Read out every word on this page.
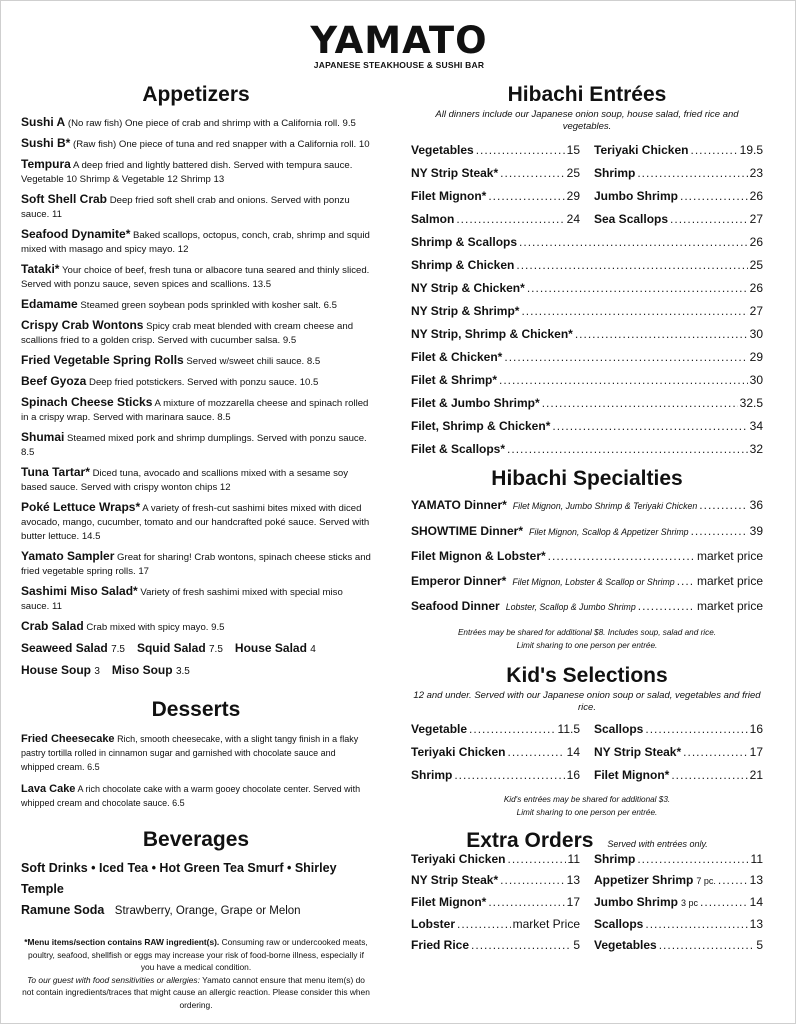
YAMATO
JAPANESE STEAKHOUSE & SUSHI BAR
Appetizers
Sushi A (No raw fish) One piece of crab and shrimp with a California roll. 9.5
Sushi B* (Raw fish) One piece of tuna and red snapper with a California roll. 10
Tempura A deep fried and lightly battered dish. Served with tempura sauce. Vegetable 10 Shrimp & Vegetable 12 Shrimp 13
Soft Shell Crab Deep fried soft shell crab and onions. Served with ponzu sauce. 11
Seafood Dynamite* Baked scallops, octopus, conch, crab, shrimp and squid mixed with masago and spicy mayo. 12
Tataki* Your choice of beef, fresh tuna or albacore tuna seared and thinly sliced. Served with ponzu sauce, seven spices and scallions. 13.5
Edamame Steamed green soybean pods sprinkled with kosher salt. 6.5
Crispy Crab Wontons Spicy crab meat blended with cream cheese and scallions fried to a golden crisp. Served with cucumber salsa. 9.5
Fried Vegetable Spring Rolls Served w/sweet chili sauce. 8.5
Beef Gyoza Deep fried potstickers. Served with ponzu sauce. 10.5
Spinach Cheese Sticks A mixture of mozzarella cheese and spinach rolled in a crispy wrap. Served with marinara sauce. 8.5
Shumai Steamed mixed pork and shrimp dumplings. Served with ponzu sauce. 8.5
Tuna Tartar* Diced tuna, avocado and scallions mixed with a sesame soy based sauce. Served with crispy wonton chips 12
Poké Lettuce Wraps* A variety of fresh-cut sashimi bites mixed with diced avocado, mango, cucumber, tomato and our handcrafted poké sauce. Served with butter lettuce. 14.5
Yamato Sampler Great for sharing! Crab wontons, spinach cheese sticks and fried vegetable spring rolls. 17
Sashimi Miso Salad* Variety of fresh sashimi mixed with special miso sauce. 11
Crab Salad Crab mixed with spicy mayo. 9.5
Seaweed Salad 7.5 Squid Salad 7.5 House Salad 4
House Soup 3 Miso Soup 3.5
Desserts
Fried Cheesecake Rich, smooth cheesecake, with a slight tangy finish in a flaky pastry tortilla rolled in cinnamon sugar and garnished with chocolate sauce and whipped cream. 6.5
Lava Cake A rich chocolate cake with a warm gooey chocolate center. Served with whipped cream and chocolate sauce. 6.5
Beverages
Soft Drinks • Iced Tea • Hot Green Tea Smurf • Shirley Temple
Ramune Soda Strawberry, Orange, Grape or Melon
*Menu items/section contains RAW ingredient(s). Consuming raw or undercooked meats, poultry, seafood, shellfish or eggs may increase your risk of food-borne illness, especially if you have a medical condition.
To our guest with food sensitivities or allergies: Yamato cannot ensure that menu item(s) do not contain ingredients/traces that might cause an allergic reaction. Please consider this when ordering.
Hibachi Entrées
All dinners include our Japanese onion soup, house salad, fried rice and vegetables.
Vegetables .....	15 Teriyaki Chicken .....	19.5
NY Strip Steak* .....	25 Shrimp .....	23
Filet Mignon* .....	29 Jumbo Shrimp .....	26
Salmon .....	24 Sea Scallops .....	27
Shrimp & Scallops .....	26
Shrimp & Chicken .....	25
NY Strip & Chicken* .....	26
NY Strip & Shrimp* .....	27
NY Strip, Shrimp & Chicken* .....	30
Filet & Chicken* .....	29
Filet & Shrimp* .....	30
Filet & Jumbo Shrimp* .....	32.5
Filet, Shrimp & Chicken* .....	34
Filet & Scallops* .....	32
Hibachi Specialties
YAMATO Dinner* Filet Mignon, Jumbo Shrimp & Teriyaki Chicken .....	36
SHOWTIME Dinner* Filet Mignon, Scallop & Appetizer Shrimp .....	39
Filet Mignon & Lobster* .....	market price
Emperor Dinner* Filet Mignon, Lobster & Scallop or Shrimp ..... market price
Seafood Dinner Lobster, Scallop & Jumbo Shrimp .....	market price
Entrées may be shared for additional $8. Includes soup, salad and rice.
Limit sharing to one person per entrée.
Kid's Selections
12 and under. Served with our Japanese onion soup or salad, vegetables and fried rice.
Vegetable .....	11.5 Scallops .....	16
Teriyaki Chicken .....	14 NY Strip Steak* .....	17
Shrimp .....	16 Filet Mignon* .....	21
Kid's entrées may be shared for additional $3.
Limit sharing to one person per entrée.
Extra Orders Served with entrées only.
Teriyaki Chicken .....	11 Shrimp .....	11
NY Strip Steak* .....	13 Appetizer Shrimp 7 pc. .....	13
Filet Mignon* .....	17 Jumbo Shrimp 3 pc .....	14
Lobster .....	market Price Scallops .....	13
Fried Rice .....	5 Vegetables .....	5
